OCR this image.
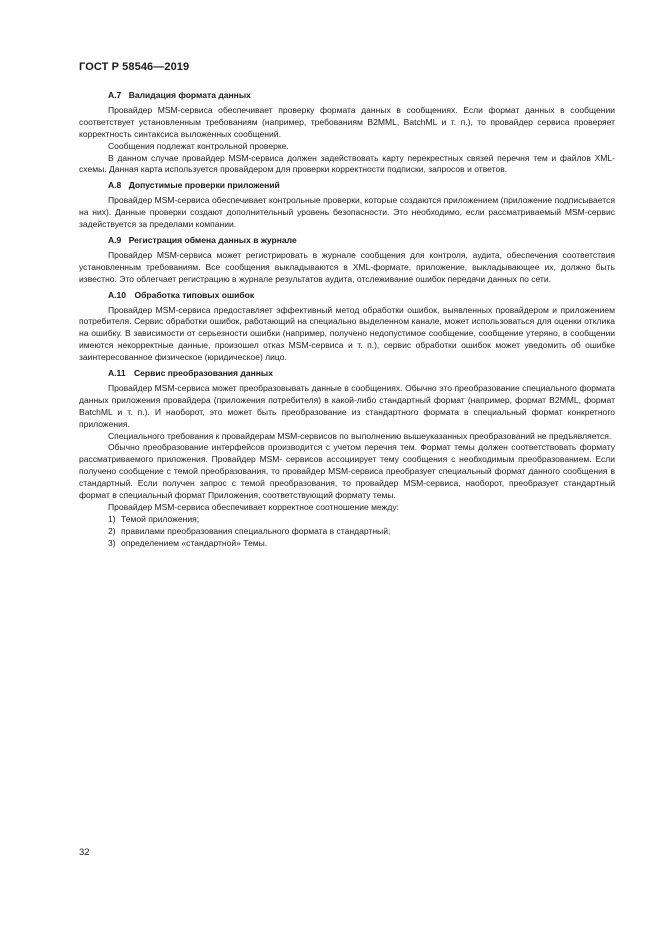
ГОСТ Р 58546—2019
А.7 Валидация формата данных

Провайдер MSM-сервиса обеспечивает проверку формата данных в сообщениях. Если формат данных в сообщении соответствует установленным требованиям (например, требованиям B2MML, BatchML и т. п.), то провайдер сервиса проверяет корректность синтаксиса выложенных сообщений.

Сообщения подлежат контрольной проверке.

В данном случае провайдер MSM-сервиса должен задействовать карту перекрестных связей перечня тем и файлов XML-схемы. Данная карта используется провайдером для проверки корректности подписки, запросов и ответов.

А.8 Допустимые проверки приложений

Провайдер MSM-сервиса обеспечивает контрольные проверки, которые создаются приложением (приложение подписывается на них). Данные проверки создают дополнительный уровень безопасности. Это необходимо, если рассматриваемый MSM-сервис задействуется за пределами компании.

А.9 Регистрация обмена данных в журнале

Провайдер MSM-сервиса может регистрировать в журнале сообщения для контроля, аудита, обеспечения соответствия установленным требованиям. Все сообщения выкладываются в XML-формате, приложение, выкладывающее их, должно быть известно. Это облегчает регистрацию в журнале результатов аудита, отслеживание ошибок передачи данных по сети.

А.10 Обработка типовых ошибок

Провайдер MSM-сервиса предоставляет эффективный метод обработки ошибок, выявленных провайдером и приложением потребителя. Сервис обработки ошибок, работающий на специально выделенном канале, может использоваться для оценки отклика на ошибку. В зависимости от серьезности ошибки (например, получено недопустимое сообщение, сообщение утеряно, в сообщении имеются некорректные данные, произошел отказ MSM-сервиса и т. п.), сервис обработки ошибок может уведомить об ошибке заинтересованное физическое (юридическое) лицо.

А.11 Сервис преобразования данных

Провайдер MSM-сервиса может преобразовывать данные в сообщениях. Обычно это преобразование специального формата данных приложения провайдера (приложения потребителя) в какой-либо стандартный формат (например, формат B2MML, формат BatchML и т. п.). И наоборот, это может быть преобразование из стандартного формата в специальный формат конкретного приложения.

Специального требования к провайдерам MSM-сервисов по выполнению вышеуказанных преобразований не предъявляется.

Обычно преобразование интерфейсов производится с учетом перечня тем. Формат темы должен соответствовать формату рассматриваемого приложения. Провайдер MSM- сервисов ассоциирует тему сообщения с необходимым преобразованием. Если получено сообщение с темой преобразования, то провайдер MSM-сервиса преобразует специальный формат данного сообщения в стандартный. Если получен запрос с темой преобразования, то провайдер MSM-сервиса, наоборот, преобразует стандартный формат в специальный формат Приложения, соответствующий формату темы.

Провайдер MSM-сервиса обеспечивает корректное соотношение между:

1) Темой приложения;
2) правилами преобразования специального формата в стандартный;
3) определением «стандартной» Темы.
32
